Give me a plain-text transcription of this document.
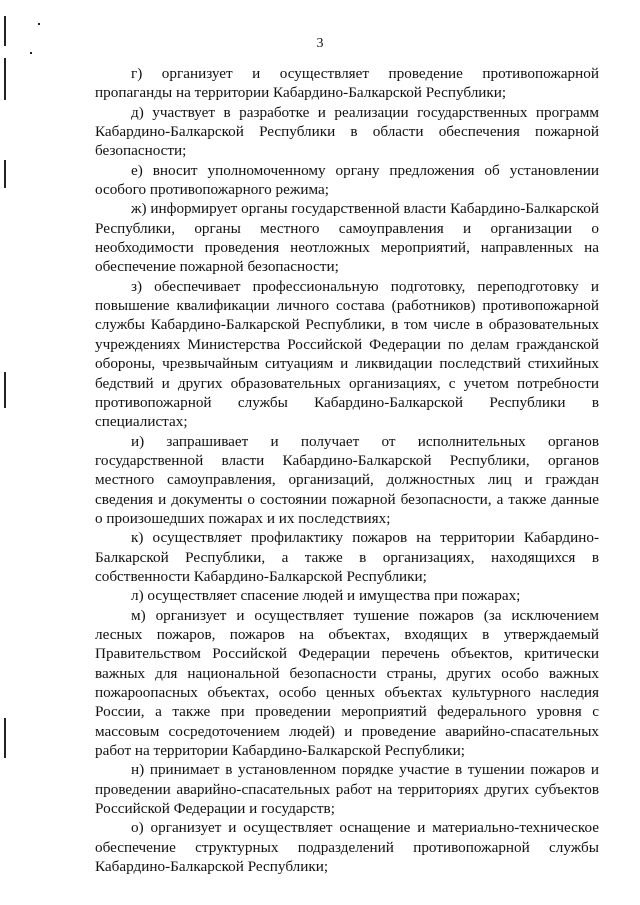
3

г) организует и осуществляет проведение противопожарной пропаганды на территории Кабардино-Балкарской Республики;

д) участвует в разработке и реализации государственных программ Кабардино-Балкарской Республики в области обеспечения пожарной безопасности;

е) вносит уполномоченному органу предложения об установлении особого противопожарного режима;

ж) информирует органы государственной власти Кабардино-Балкарской Республики, органы местного самоуправления и организации о необходимости проведения неотложных мероприятий, направленных на обеспечение пожарной безопасности;

з) обеспечивает профессиональную подготовку, переподготовку и повышение квалификации личного состава (работников) противопожарной службы Кабардино-Балкарской Республики, в том числе в образовательных учреждениях Министерства Российской Федерации по делам гражданской обороны, чрезвычайным ситуациям и ликвидации последствий стихийных бедствий и других образовательных организациях, с учетом потребности противопожарной службы Кабардино-Балкарской Республики в специалистах;

и) запрашивает и получает от исполнительных органов государственной власти Кабардино-Балкарской Республики, органов местного самоуправления, организаций, должностных лиц и граждан сведения и документы о состоянии пожарной безопасности, а также данные о произошедших пожарах и их последствиях;

к) осуществляет профилактику пожаров на территории Кабардино-Балкарской Республики, а также в организациях, находящихся в собственности Кабардино-Балкарской Республики;

л) осуществляет спасение людей и имущества при пожарах;

м) организует и осуществляет тушение пожаров (за исключением лесных пожаров, пожаров на объектах, входящих в утверждаемый Правительством Российской Федерации перечень объектов, критически важных для национальной безопасности страны, других особо важных пожароопасных объектах, особо ценных объектах культурного наследия России, а также при проведении мероприятий федерального уровня с массовым сосредоточением людей) и проведение аварийно-спасательных работ на территории Кабардино-Балкарской Республики;

н) принимает в установленном порядке участие в тушении пожаров и проведении аварийно-спасательных работ на территориях других субъектов Российской Федерации и государств;

о) организует и осуществляет оснащение и материально-техническое обеспечение структурных подразделений противопожарной службы Кабардино-Балкарской Республики;
